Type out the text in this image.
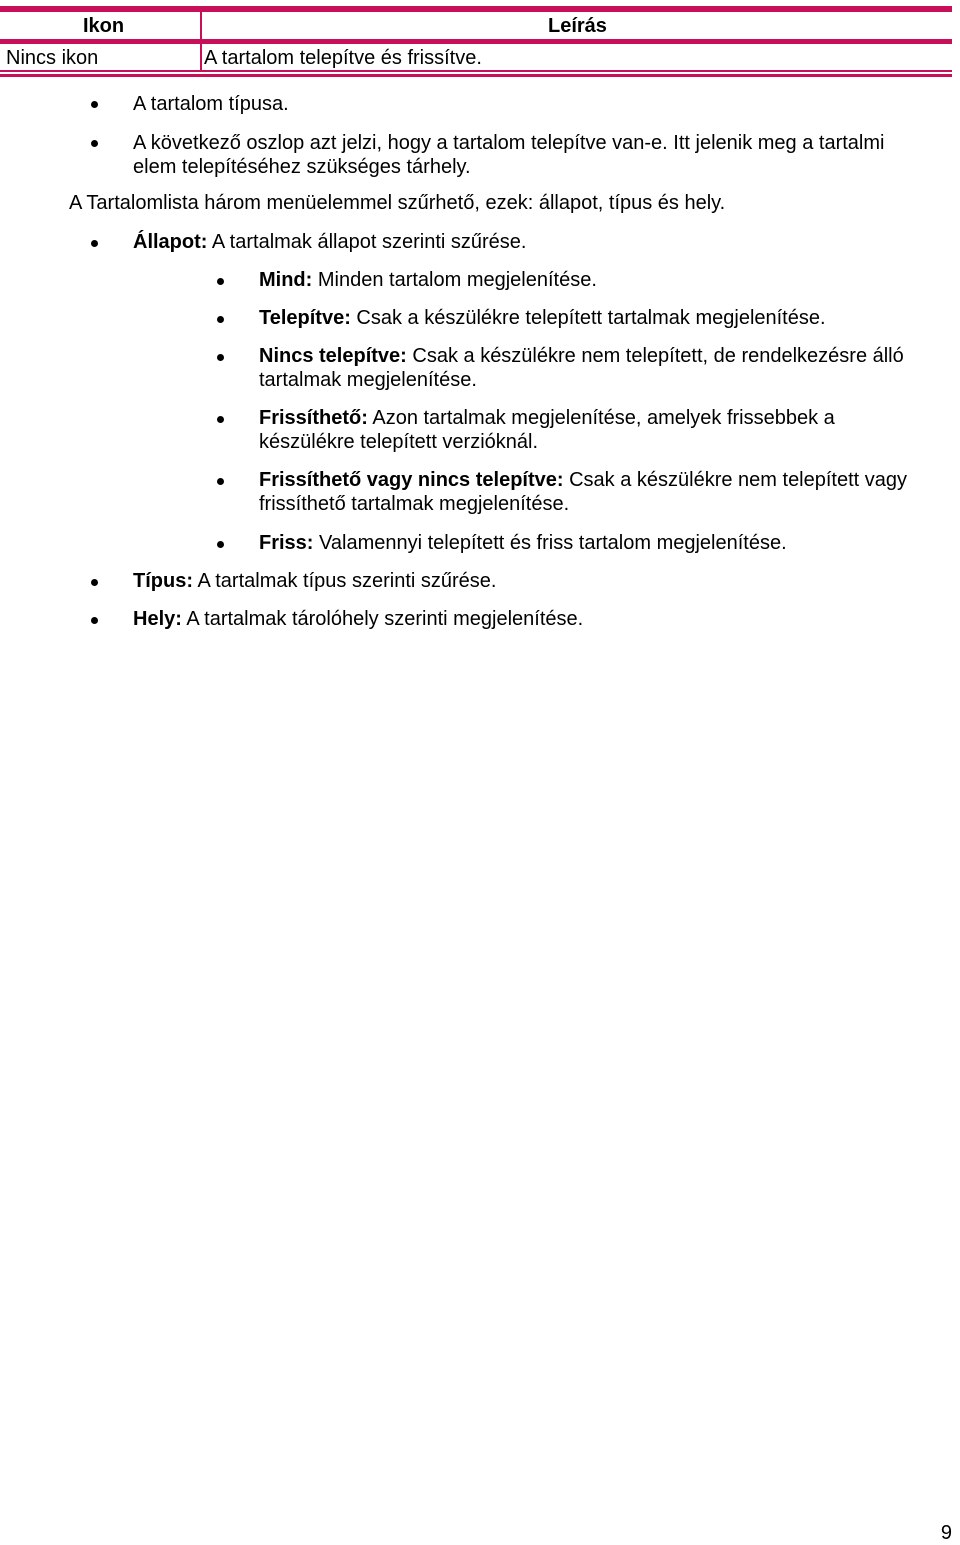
Ikon	Leírás
Nincs ikon	A tartalom telepítve és frissítve.
A tartalom típusa.
A következő oszlop azt jelzi, hogy a tartalom telepítve van-e. Itt jelenik meg a tartalmi
elem telepítéséhez szükséges tárhely.
A Tartalomlista három menüelemmel szűrhető, ezek: állapot, típus és hely.
Állapot: A tartalmak állapot szerinti szűrése.
Mind: Minden tartalom megjelenítése.
Telepítve: Csak a készülékre telepített tartalmak megjelenítése.
Nincs telepítve: Csak a készülékre nem telepített, de rendelkezésre álló
tartalmak megjelenítése.
Frissíthető: Azon tartalmak megjelenítése, amelyek frissebbek a
készülékre telepített verzióknál.
Frissíthető vagy nincs telepítve: Csak a készülékre nem telepített vagy
frissíthető tartalmak megjelenítése.
Friss: Valamennyi telepített és friss tartalom megjelenítése.
Típus: A tartalmak típus szerinti szűrése.
Hely: A tartalmak tárolóhely szerinti megjelenítése.
9
